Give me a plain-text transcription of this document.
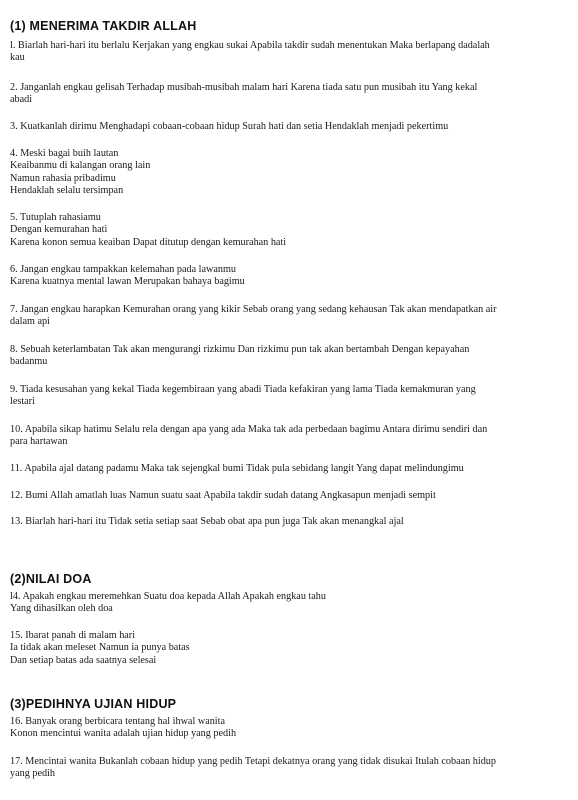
(1) MENERIMA TAKDIR ALLAH
l. Biarlah hari-hari itu berlalu Kerjakan yang engkau sukai Apabila takdir sudah menentukan Maka berlapang dadalah
kau
2. Janganlah engkau gelisah Terhadap musibah-musibah malam hari Karena tiada satu pun musibah itu Yang kekal
abadi
3. Kuatkanlah dirimu Menghadapi cobaan-cobaan hidup Surah hati dan setia Hendaklah menjadi pekertimu
4. Meski bagai buih lautan
Keaibanmu di kalangan orang lain
Namun rahasia pribadimu
Hendaklah selalu tersimpan
5. Tutuplah rahasiamu
Dengan kemurahan hati
Karena konon semua keaiban Dapat ditutup dengan kemurahan hati
6. Jangan engkau tampakkan kelemahan pada lawanmu
Karena kuatnya mental lawan Merupakan bahaya bagimu
7. Jangan engkau harapkan Kemurahan orang yang kikir Sebab orang yang sedang kehausan Tak akan mendapatkan air
dalam api
8. Sebuah keterlambatan Tak akan mengurangi rizkimu Dan rizkimu pun tak akan bertambah Dengan kepayahan
badanmu
9. Tiada kesusahan yang kekal Tiada kegembiraan yang abadi Tiada kefakiran yang lama Tiada kemakmuran yang
lestari
10. Apabila sikap hatimu Selalu rela dengan apa yang ada Maka tak ada perbedaan bagimu Antara dirimu sendiri dan
para hartawan
11. Apabila ajal datang padamu Maka tak sejengkal bumi Tidak pula sebidang langit Yang dapat melindungimu
12. Bumi Allah amatlah luas Namun suatu saat Apabila takdir sudah datang Angkasapun menjadi sempit
13. Biarlah hari-hari itu Tidak setia setiap saat Sebab obat apa pun juga Tak akan menangkal ajal
(2)NILAI DOA
l4. Apakah engkau meremehkan Suatu doa kepada Allah Apakah engkau tahu
Yang dihasilkan oleh doa
15. Ibarat panah di malam hari
Ia tidak akan meleset Namun ia punya batas
Dan setiap batas ada saatnya selesai
(3)PEDIHNYA UJIAN HIDUP
16. Banyak orang berbicara tentang hal ihwal wanita
Konon mencintui wanita adalah ujian hidup yang pedih
17. Mencintai wanita Bukanlah cobaan hidup yang pedih Tetapi dekatnya orang yang tidak disukai Itulah cobaan hidup
yang pedih
